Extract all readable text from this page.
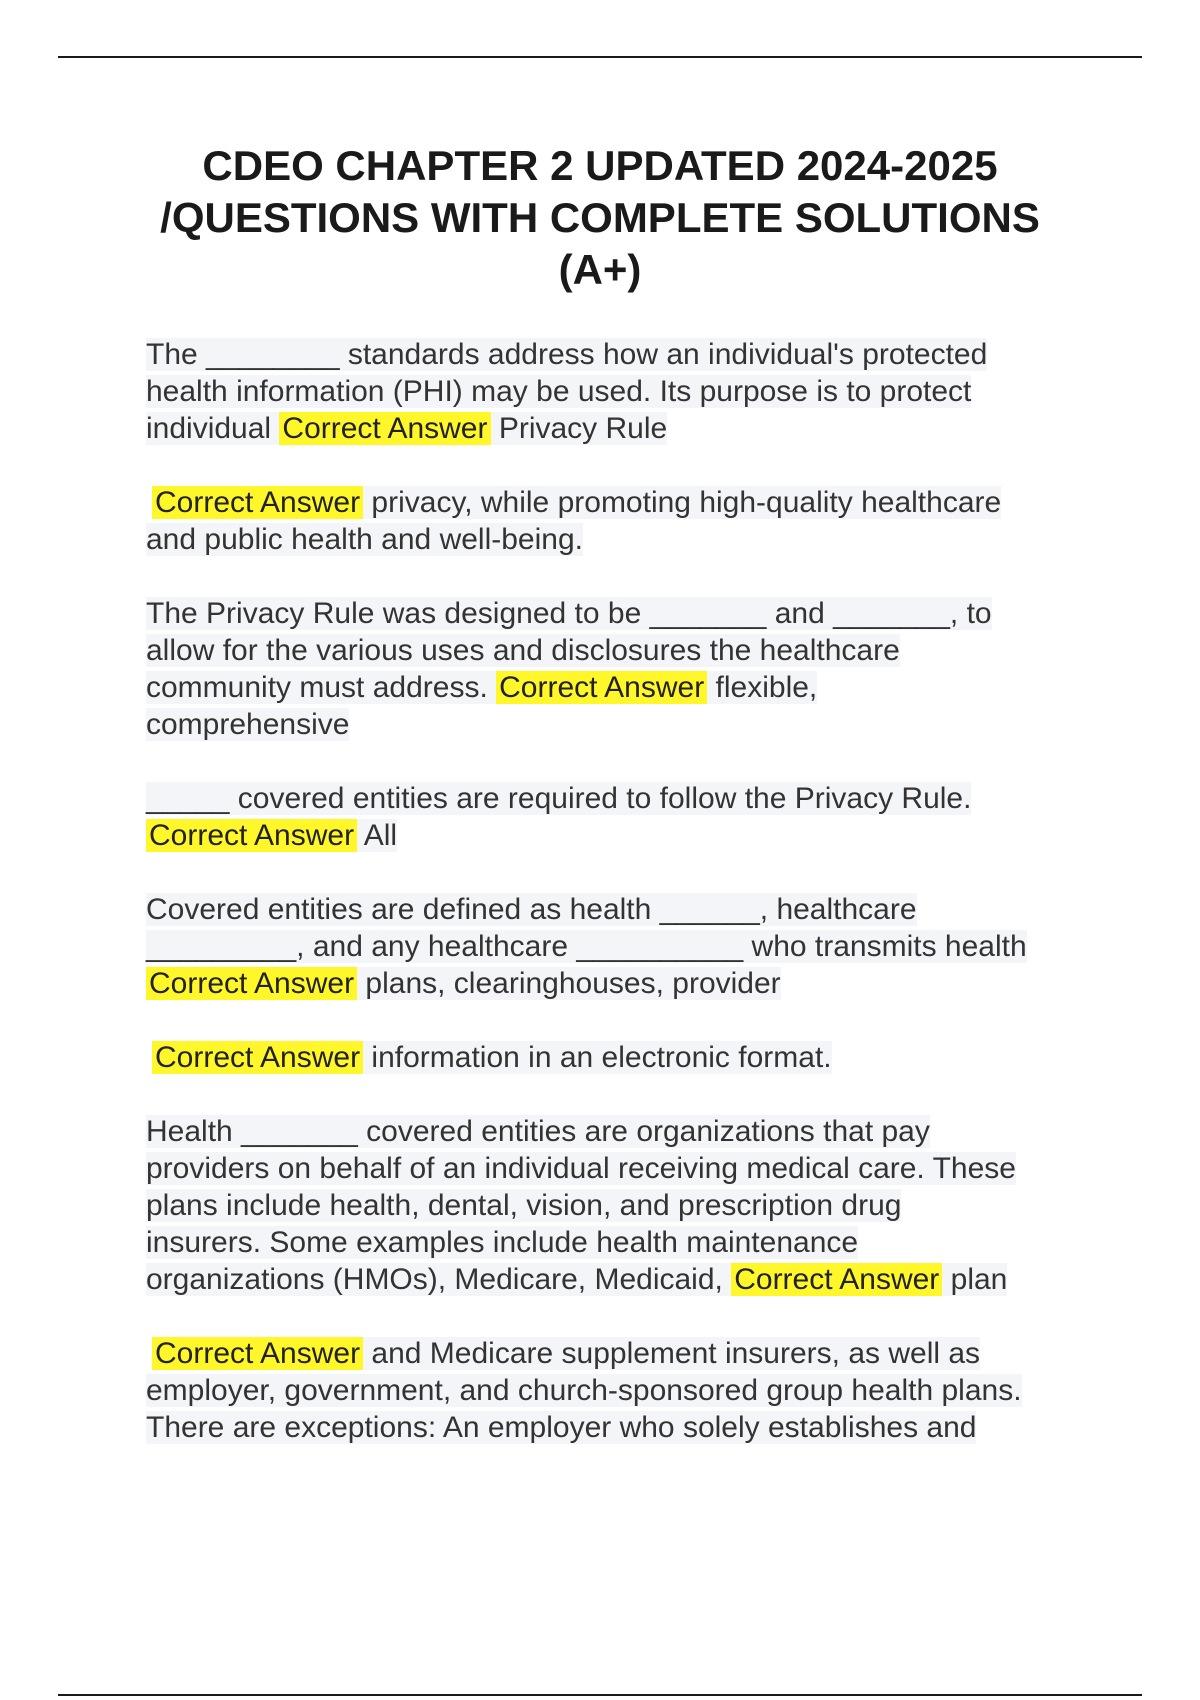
CDEO CHAPTER 2 UPDATED 2024-2025
/QUESTIONS WITH COMPLETE SOLUTIONS
(A+)

The ________ standards address how an individual's protected
health information (PHI) may be used. Its purpose is to protect
individual Correct Answer Privacy Rule

Correct Answer privacy, while promoting high-quality healthcare
and public health and well-being.

The Privacy Rule was designed to be _______ and _______, to
allow for the various uses and disclosures the healthcare
community must address. Correct Answer flexible,
comprehensive

_____ covered entities are required to follow the Privacy Rule.
Correct Answer All

Covered entities are defined as health ______, healthcare
_________, and any healthcare __________ who transmits health
Correct Answer plans, clearinghouses, provider

Correct Answer information in an electronic format.

Health _______ covered entities are organizations that pay
providers on behalf of an individual receiving medical care. These
plans include health, dental, vision, and prescription drug
insurers. Some examples include health maintenance
organizations (HMOs), Medicare, Medicaid, Correct Answer plan

Correct Answer and Medicare supplement insurers, as well as
employer, government, and church-sponsored group health plans.
There are exceptions: An employer who solely establishes and
